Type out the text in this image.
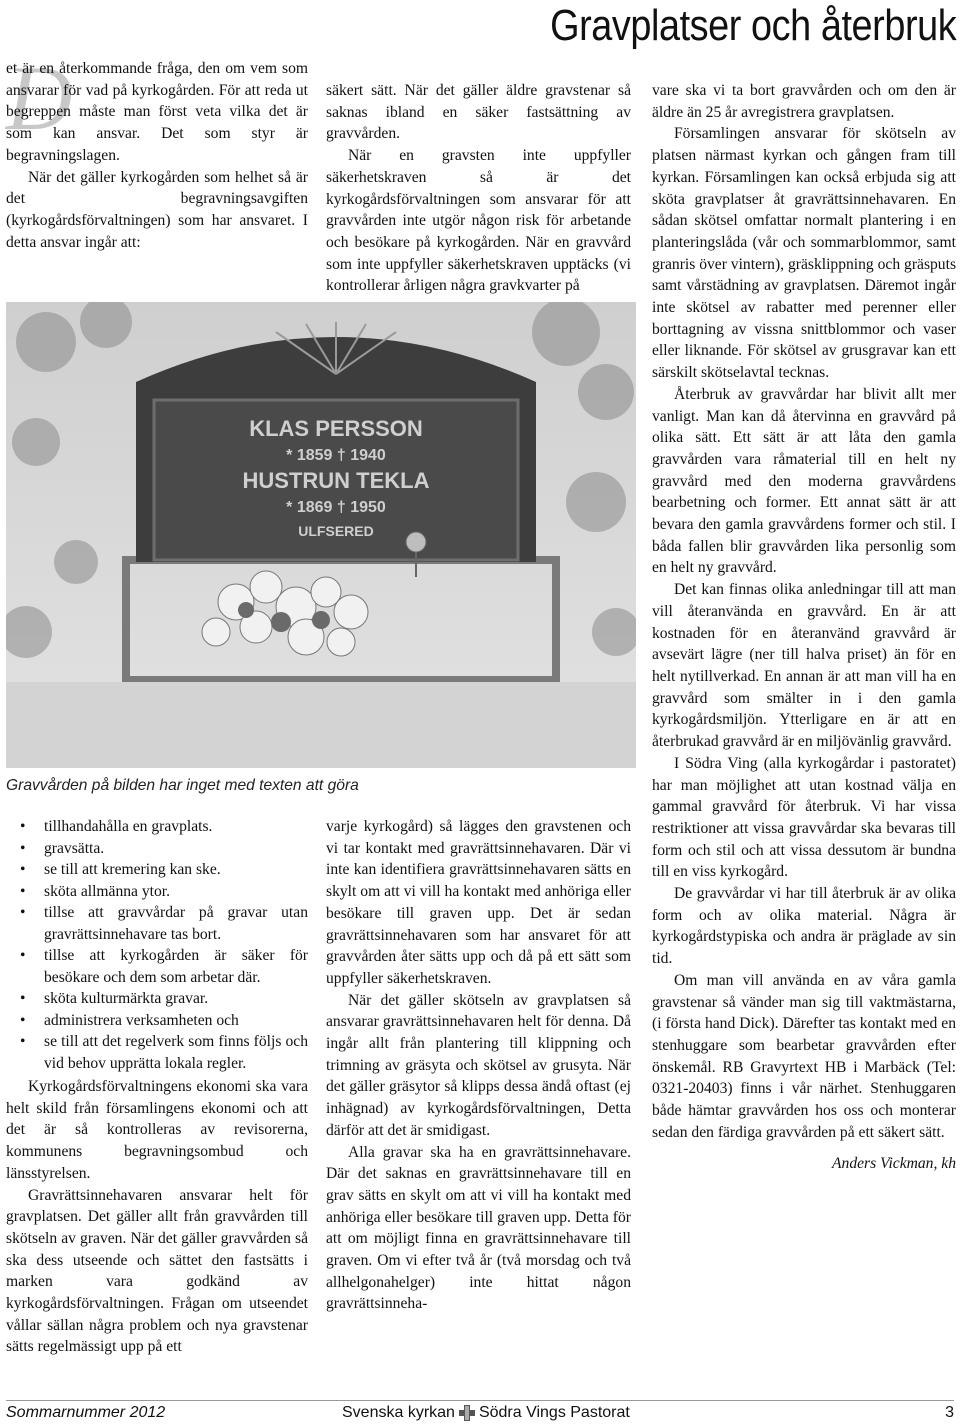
Gravplatser och återbruk
D

et är en återkommande fråga, den om vem som ansvarar för vad på kyrkogården. För att reda ut begreppen måste man först veta vilka det är som kan ansvar. Det som styr är begravningslagen.

När det gäller kyrkogården som helhet så är det begravningsavgiften (kyrkogårdsförvaltningen) som har ansvaret. I detta ansvar ingår att:

säkert sätt. När det gäller äldre gravstenar så saknas ibland en säker fastsättning av gravvården.

När en gravsten inte uppfyller säkerhetskraven så är det kyrkogårdsförvaltningen som ansvarar för att gravvården inte utgör någon risk för arbetande och besökare på kyrkogården. När en gravvård som inte uppfyller säkerhetskraven upptäcks (vi kontrollerar årligen några gravkvarter på

KLAS PERSSON
* 1859 † 1940
HUSTRUN TEKLA
* 1869 † 1950
ULFSERED
Gravvården på bilden har inget med texten att göra
• tillhandahålla en gravplats.
• gravsätta.
• se till att kremering kan ske.
• sköta allmänna ytor.
• tillse att gravvårdar på gravar utan gravrättsinnehavare tas bort.
• tillse att kyrkogården är säker för besökare och dem som arbetar där.
• sköta kulturmärkta gravar.
• administrera verksamheten och
• se till att det regelverk som finns följs och vid behov upprätta lokala regler.

Kyrkogårdsförvaltningens ekonomi ska vara helt skild från församlingens ekonomi och att det är så kontrolleras av revisorerna, kommunens begravningsombud och länsstyrelsen.

Gravrättsinnehavaren ansvarar helt för gravplatsen. Det gäller allt från gravvården till skötseln av graven. När det gäller gravvården så ska dess utseende och sättet den fastsätts i marken vara godkänd av kyrkogårdsförvaltningen. Frågan om utseendet vållar sällan några problem och nya gravstenar sätts regelmässigt upp på ett

varje kyrkogård) så lägges den gravstenen och vi tar kontakt med gravrättsinnehavaren. Där vi inte kan identifiera gravrättsinnehavaren sätts en skylt om att vi vill ha kontakt med anhöriga eller besökare till graven upp. Det är sedan gravrättsinnehavaren som har ansvaret för att gravvården åter sätts upp och då på ett sätt som uppfyller säkerhetskraven.

När det gäller skötseln av gravplatsen så ansvarar gravrättsinnehavaren helt för denna. Då ingår allt från plantering till klippning och trimning av gräsyta och skötsel av grusyta. När det gäller gräsytor så klipps dessa ändå oftast (ej inhägnad) av kyrkogårdsförvaltningen, Detta därför att det är smidigast.

Alla gravar ska ha en gravrättsinnehavare. Där det saknas en gravrättsinnehavare till en grav sätts en skylt om att vi vill ha kontakt med anhöriga eller besökare till graven upp. Detta för att om möjligt finna en gravrättsinnehavare till graven. Om vi efter två år (två morsdag och två allhelgonahelger) inte hittat någon gravrättsinneha-

vare ska vi ta bort gravvården och om den är äldre än 25 år avregistrera gravplatsen.

Församlingen ansvarar för skötseln av platsen närmast kyrkan och gången fram till kyrkan. Församlingen kan också erbjuda sig att sköta gravplatser åt gravrättsinnehavaren. En sådan skötsel omfattar normalt plantering i en planteringslåda (vår och sommarblommor, samt granris över vintern), gräsklippning och gräsputs samt vårstädning av gravplatsen. Däremot ingår inte skötsel av rabatter med perenner eller borttagning av vissna snittblommor och vaser eller liknande. För skötsel av grusgravar kan ett särskilt skötselavtal tecknas.

Återbruk av gravvårdar har blivit allt mer vanligt. Man kan då återvinna en gravvård på olika sätt. Ett sätt är att låta den gamla gravvården vara råmaterial till en helt ny gravvård med den moderna gravvårdens bearbetning och former. Ett annat sätt är att bevara den gamla gravvårdens former och stil. I båda fallen blir gravvården lika personlig som en helt ny gravvård.

Det kan finnas olika anledningar till att man vill återanvända en gravvård. En är att kostnaden för en återanvänd gravvård är avsevärt lägre (ner till halva priset) än för en helt nytillverkad. En annan är att man vill ha en gravvård som smälter in i den gamla kyrkogårdsmiljön. Ytterligare en är att en återbrukad gravvård är en miljövänlig gravvård.

I Södra Ving (alla kyrkogårdar i pastoratet) har man möjlighet att utan kostnad välja en gammal gravvård för återbruk. Vi har vissa restriktioner att vissa gravvårdar ska bevaras till form och stil och att vissa dessutom är bundna till en viss kyrkogård.

De gravvårdar vi har till återbruk är av olika form och av olika material. Några är kyrkogårdstypiska och andra är präglade av sin tid.

Om man vill använda en av våra gamla gravstenar så vänder man sig till vaktmästarna, (i första hand Dick). Därefter tas kontakt med en stenhuggare som bearbetar gravvården efter önskemål. RB Gravyrtext HB i Marbäck (Tel: 0321-20403) finns i vår närhet. Stenhuggaren både hämtar gravvården hos oss och monterar sedan den färdiga gravvården på ett säkert sätt.

Anders Vickman, kh
Sommarnummer 2012	Svenska kyrkan Södra Vings Pastorat	3
